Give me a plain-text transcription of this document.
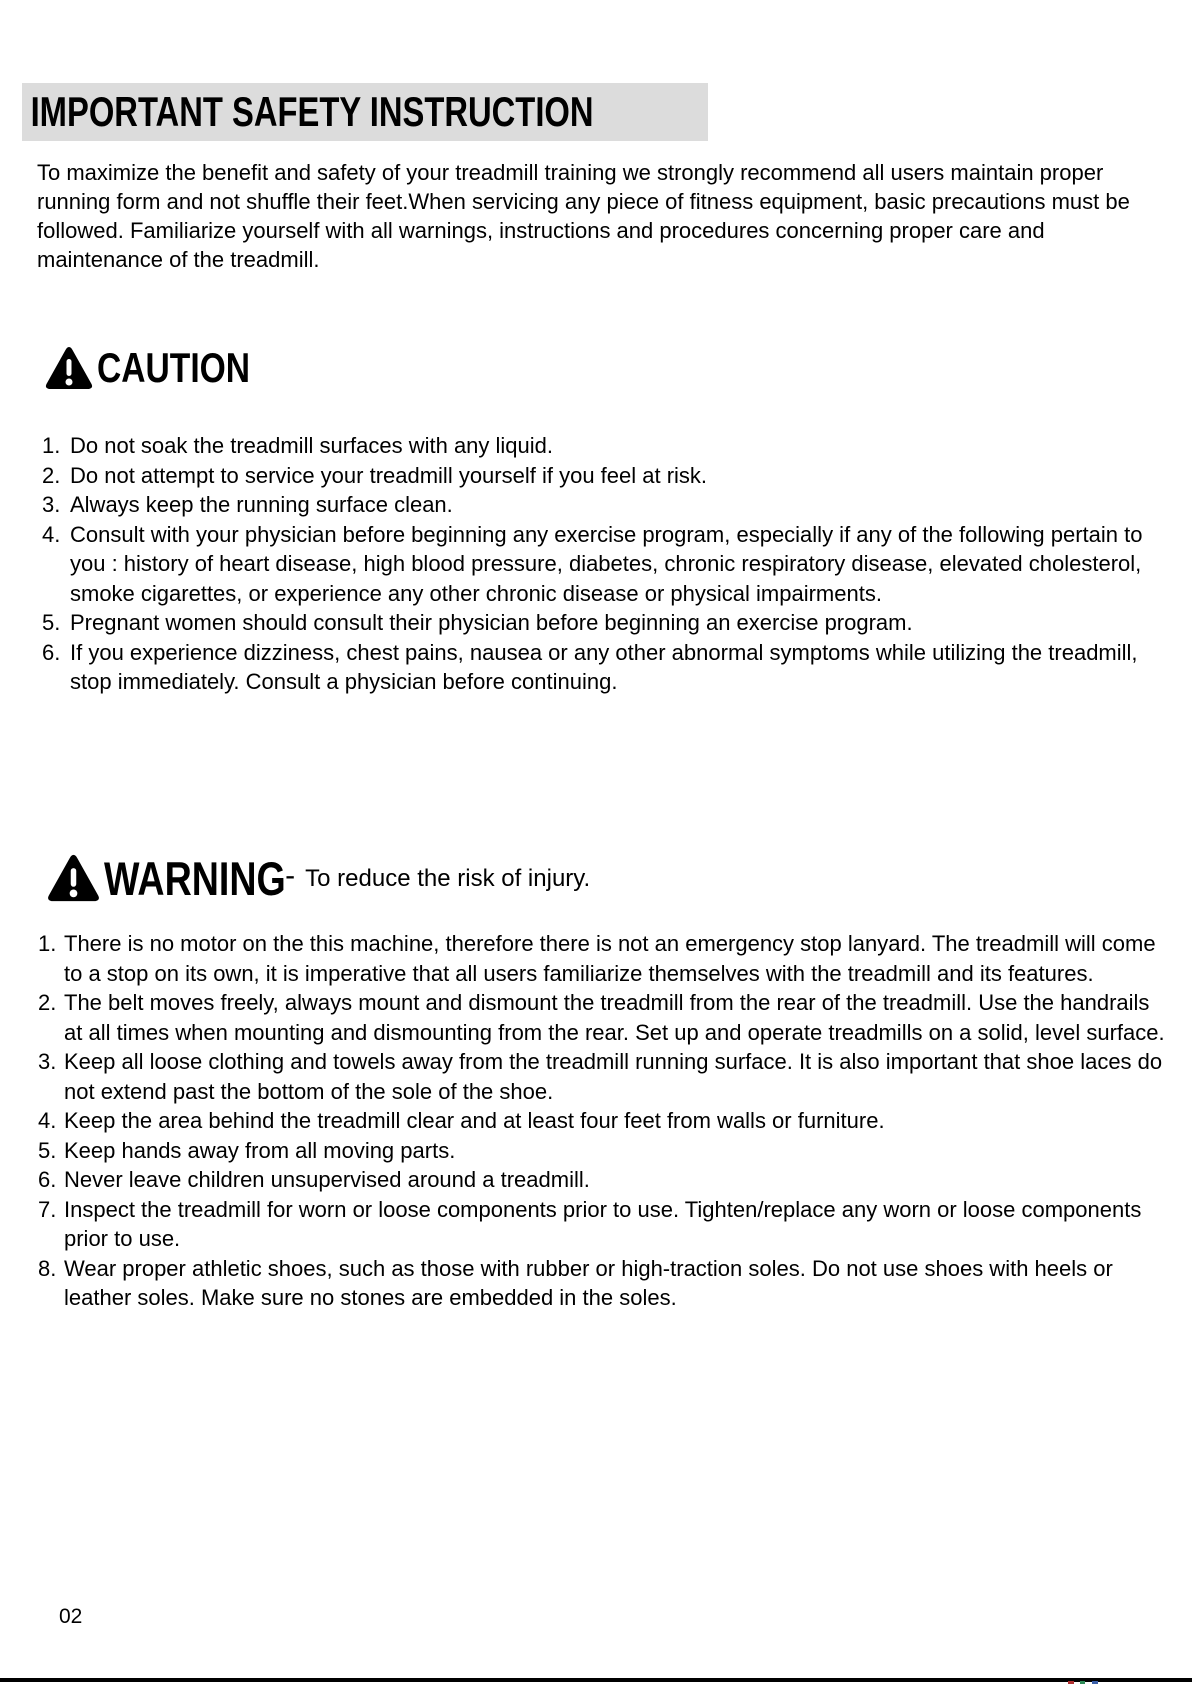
IMPORTANT SAFETY INSTRUCTION

To maximize the benefit and safety of your treadmill training we strongly recommend all users maintain proper running form and not shuffle their feet.When servicing any piece of fitness equipment, basic precautions must be followed. Familiarize yourself with all warnings, instructions and procedures concerning proper care and maintenance of the treadmill.

CAUTION
1. Do not soak the treadmill surfaces with any liquid.
2. Do not attempt to service your treadmill yourself if you feel at risk.
3. Always keep the running surface clean.
4. Consult with your physician before beginning any exercise program, especially if any of the following pertain to you : history of heart disease, high blood pressure, diabetes, chronic respiratory disease, elevated cholesterol, smoke cigarettes, or experience any other chronic disease or physical impairments.
5. Pregnant women should consult their physician before beginning an exercise program.
6. If you experience dizziness, chest pains, nausea or any other abnormal symptoms while utilizing the treadmill, stop immediately. Consult a physician before continuing.
WARNING - To reduce the risk of injury.
1. There is no motor on the this machine, therefore there is not an emergency stop lanyard. The treadmill will come to a stop on its own, it is imperative that all users familiarize themselves with the treadmill and its features.
2. The belt moves freely, always mount and dismount the treadmill from the rear of the treadmill. Use the handrails at all times when mounting and dismounting from the rear. Set up and operate treadmills on a solid, level surface.
3. Keep all loose clothing and towels away from the treadmill running surface. It is also important that shoe laces do not extend past the bottom of the sole of the shoe.
4. Keep the area behind the treadmill clear and at least four feet from walls or furniture.
5. Keep hands away from all moving parts.
6. Never leave children unsupervised around a treadmill.
7. Inspect the treadmill for worn or loose components prior to use. Tighten/replace any worn or loose components prior to use.
8. Wear proper athletic shoes, such as those with rubber or high-traction soles. Do not use shoes with heels or leather soles. Make sure no stones are embedded in the soles.
02
